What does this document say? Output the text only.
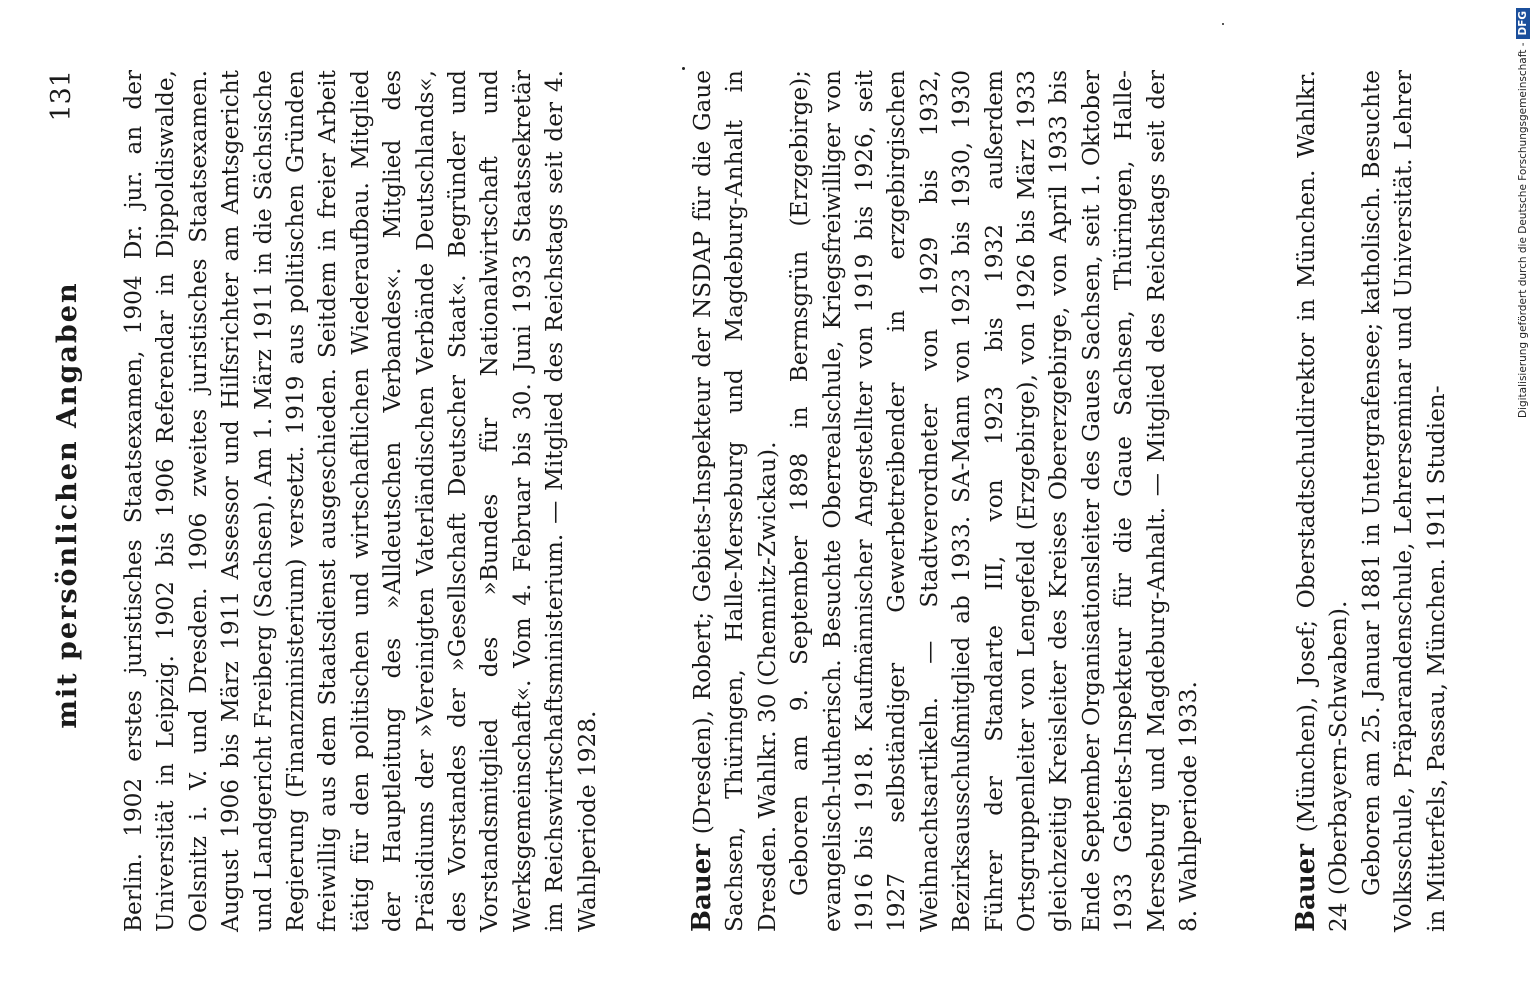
mit persönlichen Angaben
131 Berlin. 1902 erstes juristisches Staatsexamen, 1904 Dr. jur. an der Universität in Leipzig. 1902 bis 1906 Referendar in Dippoldiswalde, Oelsnitz i. V. und Dresden. 1906 zweites juristisches Staatsexamen. August 1906 bis März 1911 Assessor und Hilfsrichter am Amtsgericht und Landgericht Freiberg (Sachsen). Am 1. März 1911 in die Sächsische Regierung (Finanzministerium) versetzt. 1919 aus politischen Gründen freiwillig aus dem Staatsdienst ausgeschieden. Seitdem in freier Arbeit tätig für den politischen und wirtschaftlichen Wiederaufbau. Mitglied der Hauptleitung des »Alldeutschen Verbandes«. Mitglied des Präsidiums der »Vereinigten Vaterländischen Verbände Deutschlands«, des Vorstandes der »Gesellschaft Deutscher Staat«. Begründer und Vorstandsmitglied des »Bundes für Nationalwirtschaft und Werksgemeinschaft«. Vom 4. Februar bis 30. Juni 1933 Staatssekretär im Reichswirtschaftsministerium. — Mitglied des Reichstags seit der 4. Wahlperiode 1928.	Bauer (Dresden), Robert; Gebiets-Inspekteur der NSDAP für die Gaue Sachsen, Thüringen, Halle-Merseburg und Magdeburg-Anhalt in Dresden. Wahlkr. 30 (Chemnitz-Zwickau). Geboren am 9. September 1898 in Bermsgrün (Erzgebirge); evangelisch-lutherisch. Besuchte Oberrealschule, Kriegsfreiwilliger von 1916 bis 1918. Kaufmännischer Angestellter von 1919 bis 1926, seit 1927 selbständiger Gewerbetreibender in erzgebirgischen Weihnachtsartikeln. — Stadtverordneter von 1929 bis 1932, Bezirksausschußmitglied ab 1933. SA-Mann von 1923 bis 1930, 1930 Führer der Standarte III, von 1923 bis 1932 außerdem Ortsgruppenleiter von Lengefeld (Erzgebirge), von 1926 bis März 1933 gleichzeitig Kreisleiter des Kreises Obererzgebirge, von April 1933 bis Ende September Organisationsleiter des Gaues Sachsen, seit 1. Oktober 1933 Gebiets-Inspekteur für die Gaue Sachsen, Thüringen, Halle-Merseburg und Magdeburg-Anhalt. — Mitglied des Reichstags seit der 8. Wahlperiode 1933.	Bauer (München), Josef; Oberstadtschuldirektor in München. Wahlkr. 24 (Oberbayern-Schwaben). Geboren am 25. Januar 1881 in Untergrafensee; katholisch. Besuchte Volksschule, Präparandenschule, Lehrerseminar und Universität. Lehrer in Mitterfels, Passau, München. 1911 Studien-

Digitalisierung gefördert durch die Deutsche Forschungsgemeinschaft -DFG
